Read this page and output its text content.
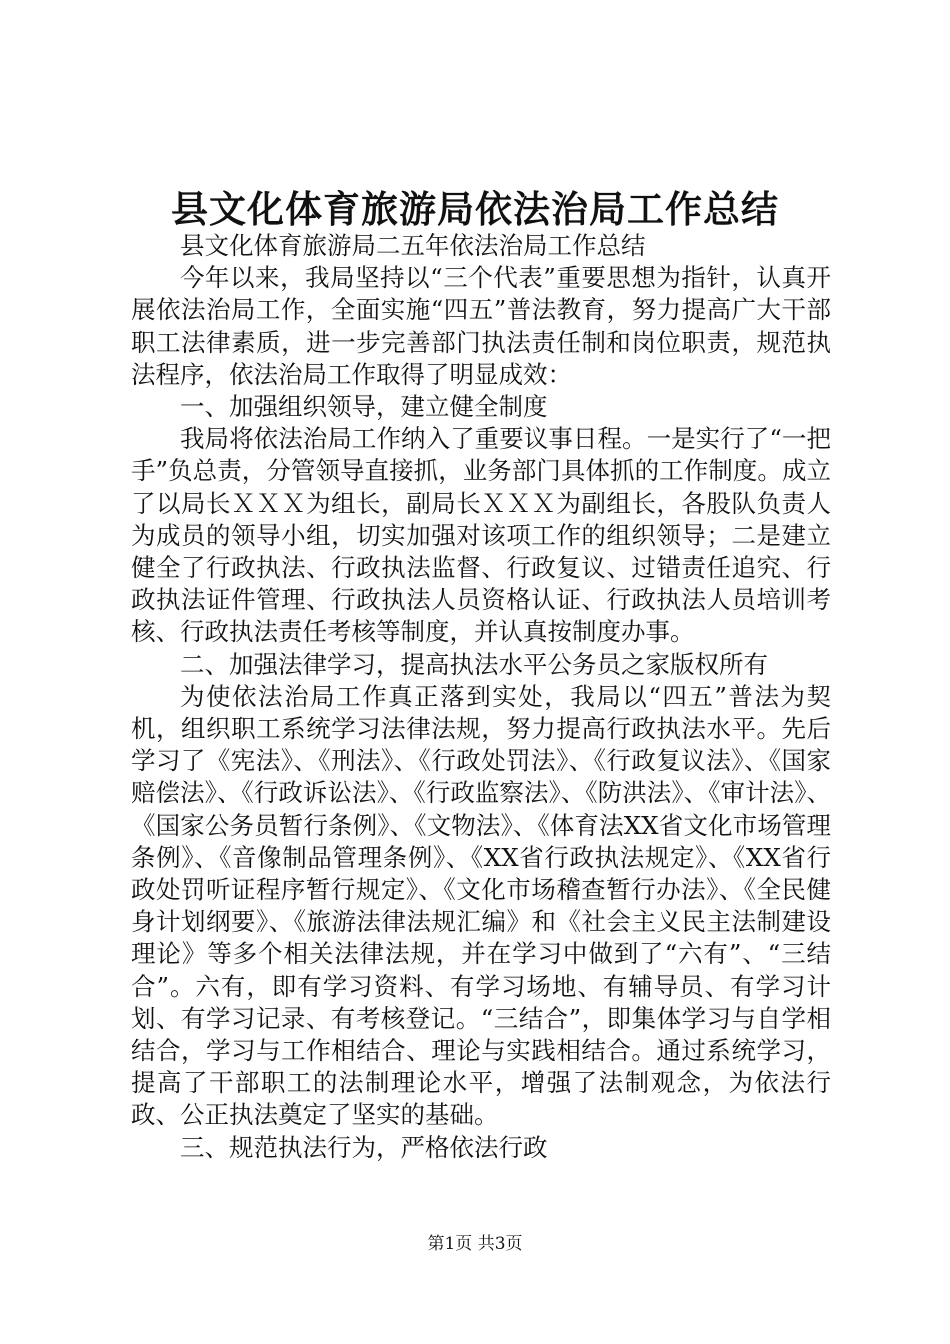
县文化体育旅游局依法治局工作总结

县文化体育旅游局二五年依法治局工作总结

今年以来，我局坚持以“三个代表”重要思想为指针，认真开展依法治局工作，全面实施“四五”普法教育，努力提高广大干部职工法律素质，进一步完善部门执法责任制和岗位职责，规范执法程序，依法治局工作取得了明显成效：

一、加强组织领导，建立健全制度

我局将依法治局工作纳入了重要议事日程。一是实行了“一把手”负总责，分管领导直接抓，业务部门具体抓的工作制度。成立了以局长ＸＸＸ为组长，副局长ＸＸＸ为副组长，各股队负责人为成员的领导小组，切实加强对该项工作的组织领导；二是建立健全了行政执法、行政执法监督、行政复议、过错责任追究、行政执法证件管理、行政执法人员资格认证、行政执法人员培训考核、行政执法责任考核等制度，并认真按制度办事。

二、加强法律学习，提高执法水平公务员之家版权所有

为使依法治局工作真正落到实处，我局以“四五”普法为契机，组织职工系统学习法律法规，努力提高行政执法水平。先后学习了《宪法》、《刑法》、《行政处罚法》、《行政复议法》、《国家赔偿法》、《行政诉讼法》、《行政监察法》、《防洪法》、《审计法》、《国家公务员暂行条例》、《文物法》、《体育法XX省文化市场管理条例》、《音像制品管理条例》、《XX省行政执法规定》、《XX省行政处罚听证程序暂行规定》、《文化市场稽查暂行办法》、《全民健身计划纲要》、《旅游法律法规汇编》和《社会主义民主法制建设理论》等多个相关法律法规，并在学习中做到了“六有”、“三结合”。六有，即有学习资料、有学习场地、有辅导员、有学习计划、有学习记录、有考核登记。“三结合”，即集体学习与自学相结合，学习与工作相结合、理论与实践相结合。通过系统学习，提高了干部职工的法制理论水平，增强了法制观念，为依法行政、公正执法奠定了坚实的基础。

三、规范执法行为，严格依法行政

第1页 共3页
